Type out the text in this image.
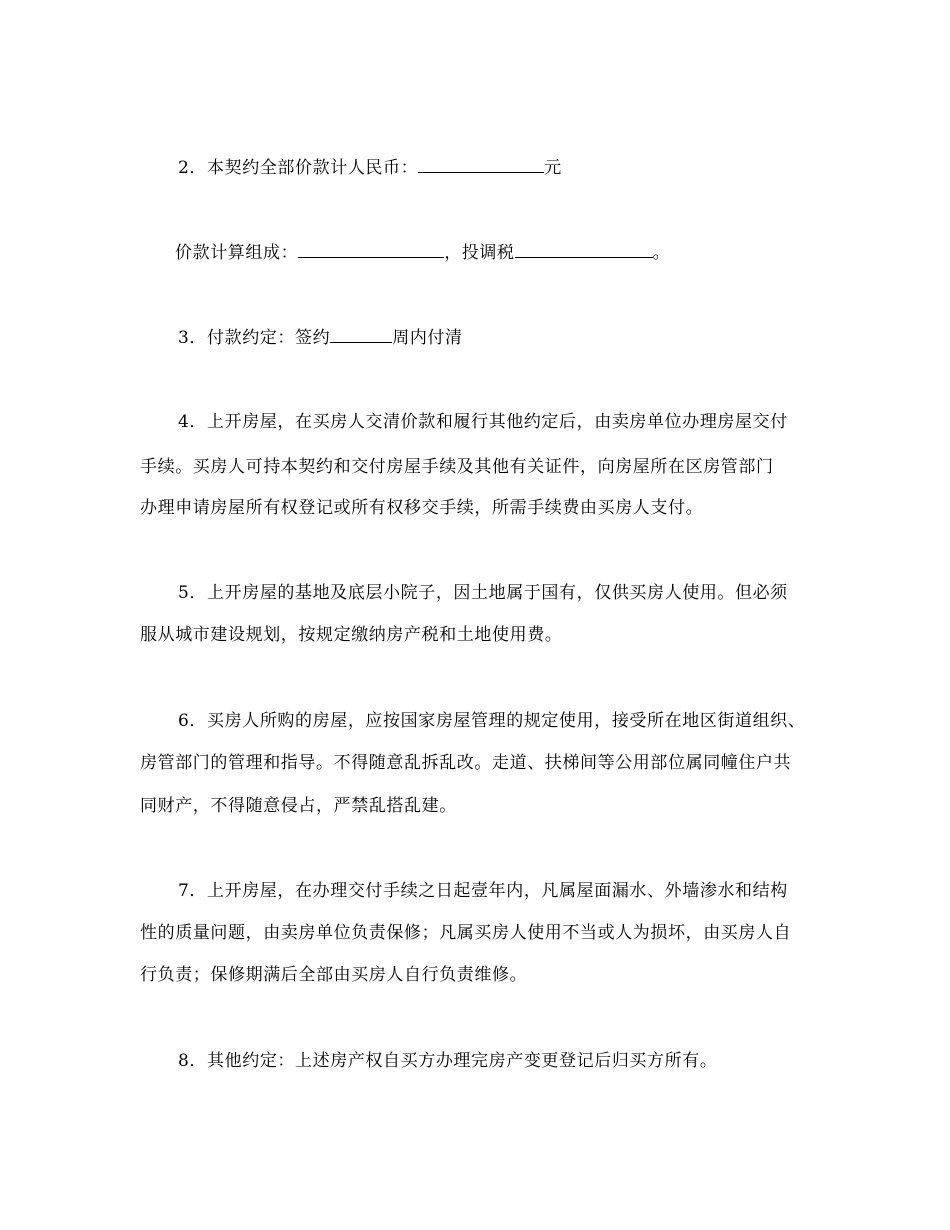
2．本契约全部价款计人民币：	元
价款计算组成：	，投调税	。
3．付款约定：签约	周内付清
4．上开房屋，在买房人交清价款和履行其他约定后，由卖房单位办理房屋交付
手续。买房人可持本契约和交付房屋手续及其他有关证件，向房屋所在区房管部门
办理申请房屋所有权登记或所有权移交手续，所需手续费由买房人支付。
5．上开房屋的基地及底层小院子，因土地属于国有，仅供买房人使用。但必须
服从城市建设规划，按规定缴纳房产税和土地使用费。
6．买房人所购的房屋，应按国家房屋管理的规定使用，接受所在地区街道组织、
房管部门的管理和指导。不得随意乱拆乱改。走道、扶梯间等公用部位属同幢住户共
同财产，不得随意侵占，严禁乱搭乱建。
7．上开房屋，在办理交付手续之日起壹年内，凡属屋面漏水、外墙渗水和结构
性的质量问题，由卖房单位负责保修；凡属买房人使用不当或人为损坏，由买房人自
行负责；保修期满后全部由买房人自行负责维修。
8．其他约定：上述房产权自买方办理完房产变更登记后归买方所有。
